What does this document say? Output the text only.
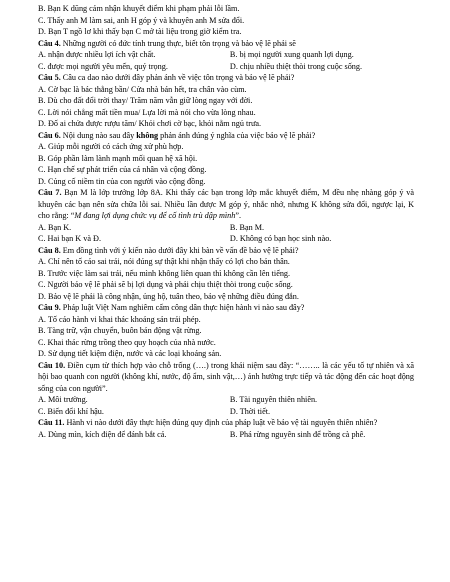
B. Bạn K dũng cảm nhận khuyết điểm khi phạm phải lỗi lầm.
C. Thấy anh M làm sai, anh H góp ý và khuyên anh M sửa đổi.
D. Bạn T ngồ lơ khi thấy bạn C mở tài liệu trong giờ kiểm tra.
Câu 4. Những người có đức tính trung thực, biết tôn trọng và bảo vệ lẽ phải sẽ
A. nhận được nhiều lợi ích vật chất.	B. bị mọi người xung quanh lợi dụng.
C. được mọi người yêu mến, quý trọng.	D. chịu nhiều thiệt thòi trong cuộc sống.
Câu 5. Câu ca dao nào dưới đây phản ánh về việc tôn trọng và bảo vệ lẽ phải?
A. Cờ bạc là bác thằng bần/ Cửa nhà bán hết, tra chân vào cùm.
B. Dù cho đất đổi trời thay/ Trăm năm vẫn giữ lòng ngay với đời.
C. Lời nói chẳng mất tiền mua/ Lựa lời mà nói cho vừa lòng nhau.
D. Đố ai chửa được rượu tăm/ Khỏi chơi cờ bạc, khỏi nằm ngủ trưa.
Câu 6. Nội dung nào sau đây không phản ánh đúng ý nghĩa của việc bảo vệ lẽ phải?
A. Giúp mỗi người có cách ứng xử phù hợp.
B. Góp phần làm lành mạnh mối quan hệ xã hội.
C. Hạn chế sự phát triển của cá nhân và cộng đồng.
D. Củng cố niềm tin của con người vào cộng đồng.
Câu 7. Bạn M là lớp trưởng lớp 8A. Khi thấy các bạn trong lớp mắc khuyết điểm, M đều nhẹ nhàng góp ý và khuyên các bạn nên sửa chữa lỗi sai. Nhiều lần được M góp ý, nhắc nhở, nhưng K không sửa đổi, ngược lại, K cho rằng: “M đang lợi dụng chức vụ để cố tình trù dập mình”.
A. Bạn K.	B. Bạn M.
C. Hai bạn K và Đ.	D. Không có bạn học sinh nào.
Câu 8. Em đồng tình với ý kiến nào dưới đây khi bàn về vấn đề bảo vệ lẽ phải?
A. Chỉ nên tố cáo sai trái, nói đúng sự thật khi nhận thấy có lợi cho bản thân.
B. Trước việc làm sai trái, nếu mình không liên quan thì không cần lên tiếng.
C. Người bảo vệ lẽ phải sẽ bị lợi dụng và phải chịu thiệt thòi trong cuộc sống.
D. Bảo vệ lẽ phải là công nhận, ủng hộ, tuân theo, bảo vệ những điều đúng đắn.
Câu 9. Pháp luật Việt Nam nghiêm cấm công dân thực hiện hành vi nào sau đây?
A. Tố cáo hành vi khai thác khoáng sản trái phép.
B. Tàng trữ, vận chuyển, buôn bán động vật rừng.
C. Khai thác rừng trồng theo quy hoạch của nhà nước.
D. Sử dụng tiết kiệm điện, nước và các loại khoáng sản.
Câu 10. Điền cụm từ thích hợp vào chỗ trống (….) trong khái niệm sau đây: “…….. là các yếu tố tự nhiên và xã hội bao quanh con người (không khí, nước, độ ẩm, sinh vật,…) ảnh hưởng trực tiếp và tác động đến các hoạt động sống của con người”.
A. Môi trường.	B. Tài nguyên thiên nhiên.
C. Biến đổi khí hậu.	D. Thời tiết.
Câu 11. Hành vi nào dưới đây thực hiện đúng quy định của pháp luật về bảo vệ tài nguyên thiên nhiên?
A. Dùng mìn, kích điện để đánh bắt cá.	B. Phá rừng nguyên sinh để trồng cà phê.
